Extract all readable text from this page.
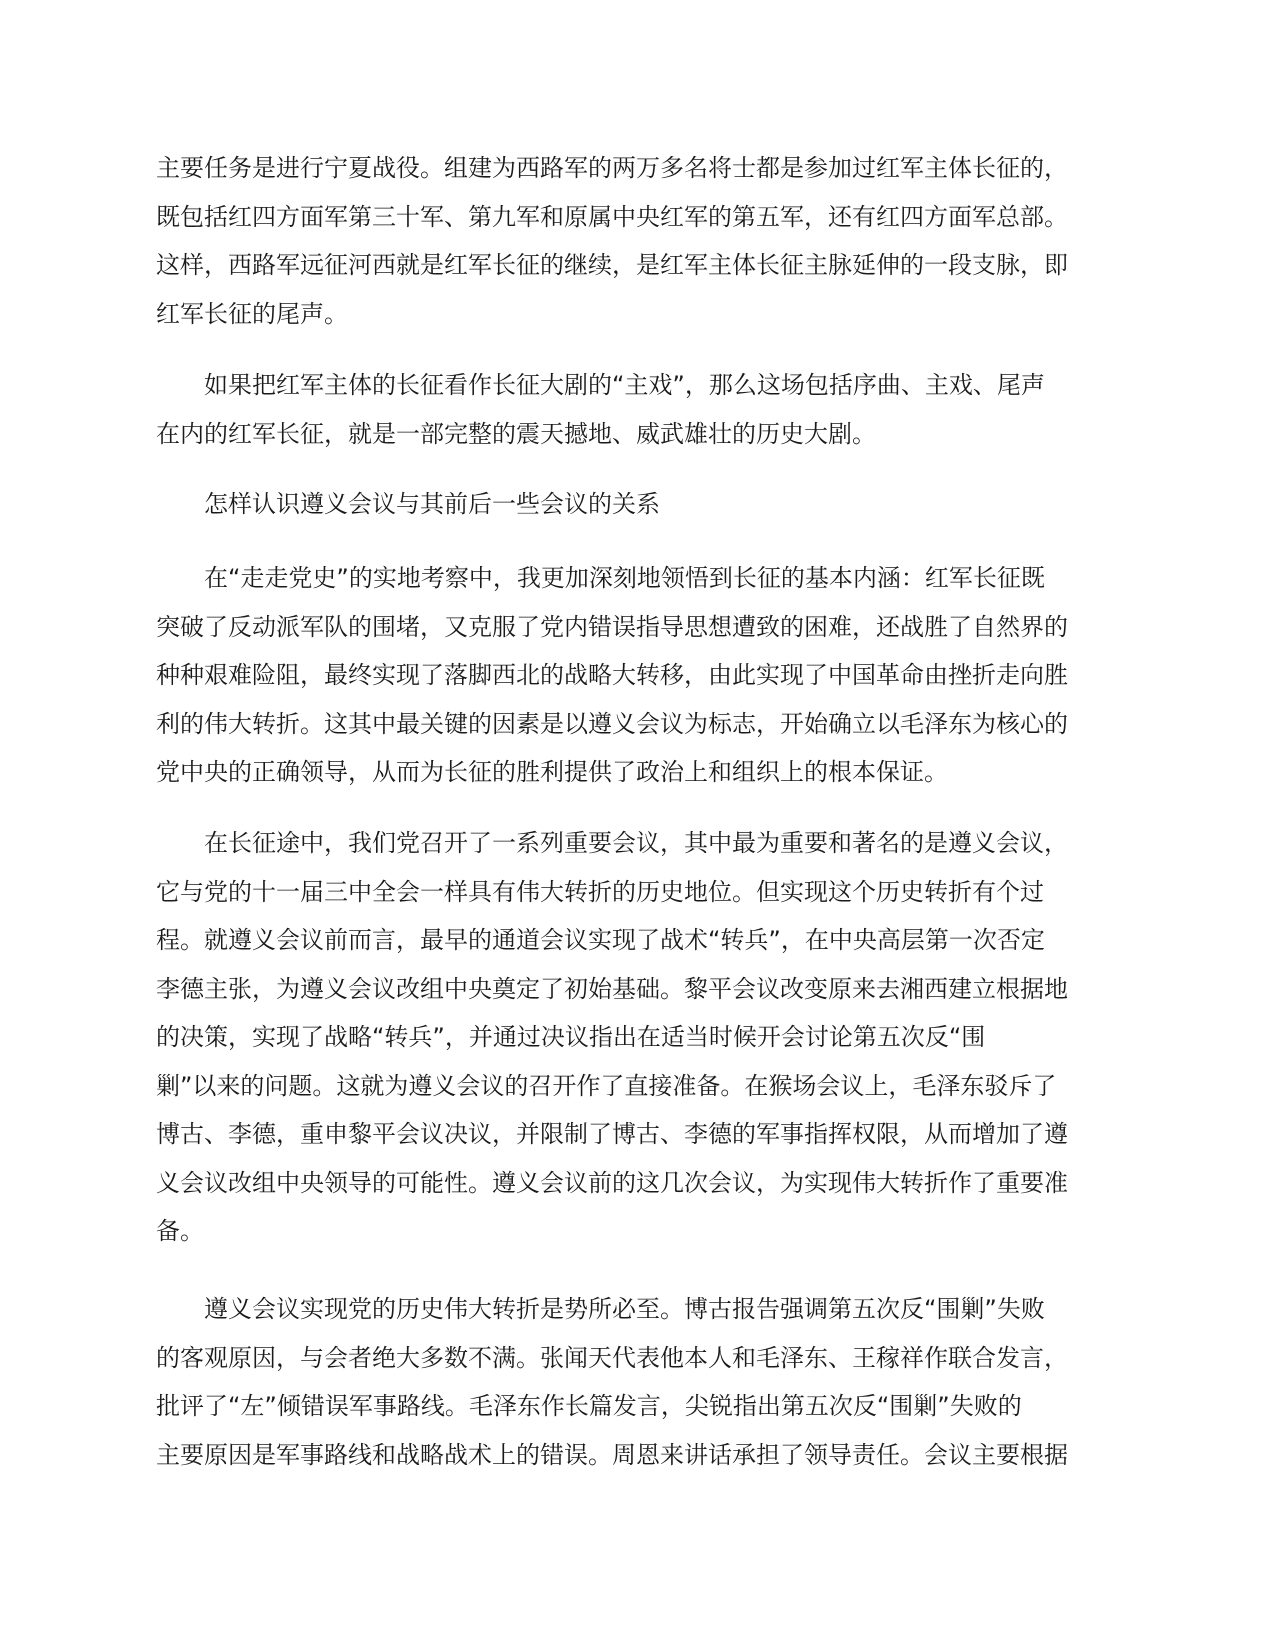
主要任务是进行宁夏战役。组建为西路军的两万多名将士都是参加过红军主体长征的，
既包括红四方面军第三十军、第九军和原属中央红军的第五军，还有红四方面军总部。
这样，西路军远征河西就是红军长征的继续，是红军主体长征主脉延伸的一段支脉，即
红军长征的尾声。
　　如果把红军主体的长征看作长征大剧的“主戏”，那么这场包括序曲、主戏、尾声
在内的红军长征，就是一部完整的震天撼地、威武雄壮的历史大剧。
　　怎样认识遵义会议与其前后一些会议的关系
　　在“走走党史”的实地考察中，我更加深刻地领悟到长征的基本内涵：红军长征既
突破了反动派军队的围堵，又克服了党内错误指导思想遭致的困难，还战胜了自然界的
种种艰难险阻，最终实现了落脚西北的战略大转移，由此实现了中国革命由挫折走向胜
利的伟大转折。这其中最关键的因素是以遵义会议为标志，开始确立以毛泽东为核心的
党中央的正确领导，从而为长征的胜利提供了政治上和组织上的根本保证。
　　在长征途中，我们党召开了一系列重要会议，其中最为重要和著名的是遵义会议，
它与党的十一届三中全会一样具有伟大转折的历史地位。但实现这个历史转折有个过
程。就遵义会议前而言，最早的通道会议实现了战术“转兵”，在中央高层第一次否定
李德主张，为遵义会议改组中央奠定了初始基础。黎平会议改变原来去湘西建立根据地
的决策，实现了战略“转兵”，并通过决议指出在适当时候开会讨论第五次反“围
剿”以来的问题。这就为遵义会议的召开作了直接准备。在猴场会议上，毛泽东驳斥了
博古、李德，重申黎平会议决议，并限制了博古、李德的军事指挥权限，从而增加了遵
义会议改组中央领导的可能性。遵义会议前的这几次会议，为实现伟大转折作了重要准
备。
　　遵义会议实现党的历史伟大转折是势所必至。博古报告强调第五次反“围剿”失败
的客观原因，与会者绝大多数不满。张闻天代表他本人和毛泽东、王稼祥作联合发言，
批评了“左”倾错误军事路线。毛泽东作长篇发言，尖锐指出第五次反“围剿”失败的
主要原因是军事路线和战略战术上的错误。周恩来讲话承担了领导责任。会议主要根据
